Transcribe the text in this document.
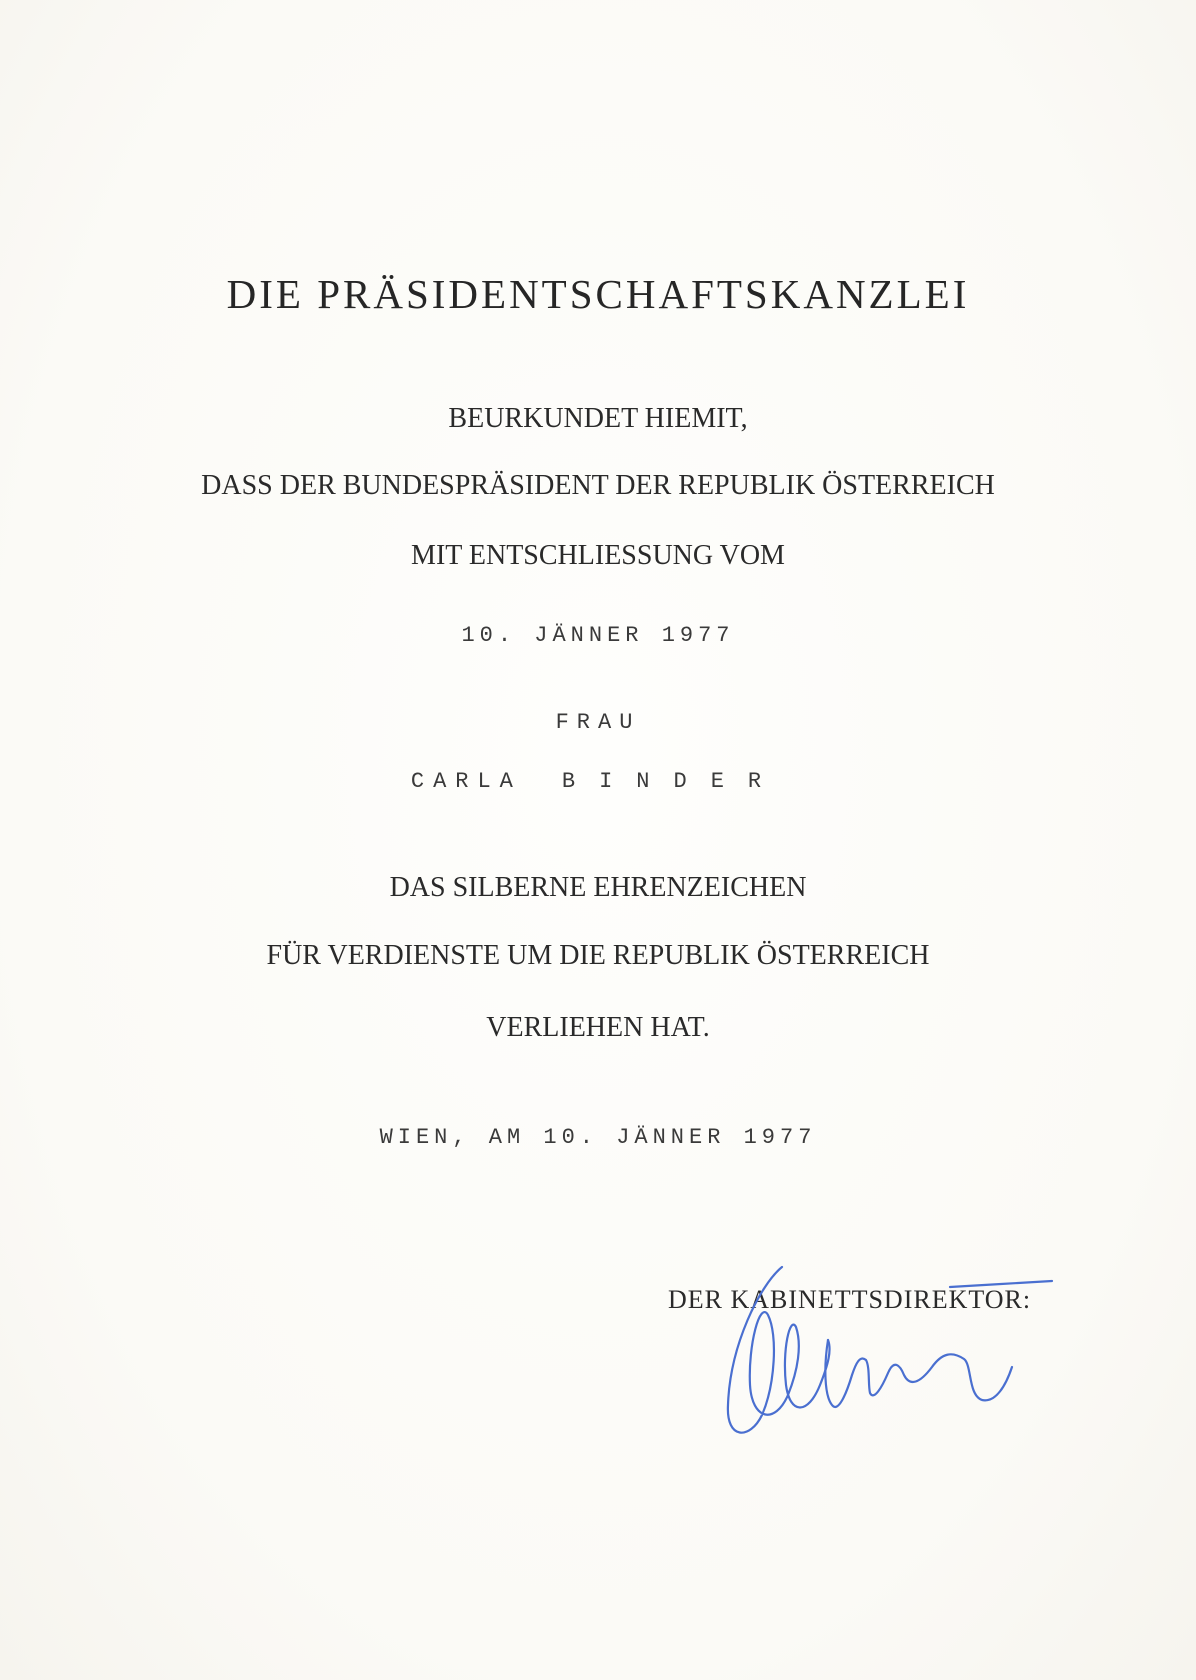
DIE PRÄSIDENTSCHAFTSKANZLEI
BEURKUNDET HIEMIT,
DASS DER BUNDESPRÄSIDENT DER REPUBLIK ÖSTERREICH
MIT ENTSCHLIESSUNG VOM
10. JÄNNER 1977
FRAU
CARLA BINDER
DAS SILBERNE EHRENZEICHEN
FÜR VERDIENSTE UM DIE REPUBLIK ÖSTERREICH
VERLIEHEN HAT.
WIEN, AM 10. JÄNNER 1977
DER KABINETTSDIREKTOR:
